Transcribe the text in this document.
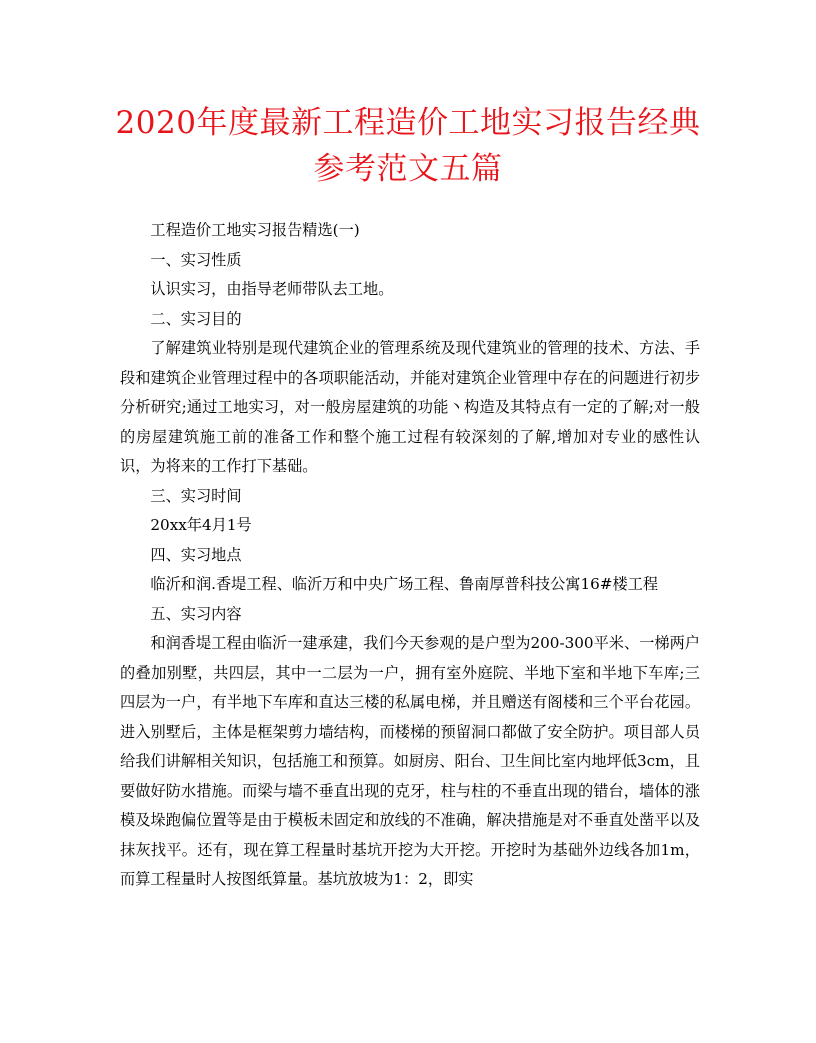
2020年度最新工程造价工地实习报告经典参考范文五篇

工程造价工地实习报告精选(一)

一、实习性质

认识实习，由指导老师带队去工地。

二、实习目的

了解建筑业特别是现代建筑企业的管理系统及现代建筑业的管理的技术、方法、手段和建筑企业管理过程中的各项职能活动，并能对建筑企业管理中存在的问题进行初步分析研究;通过工地实习，对一般房屋建筑的功能丶构造及其特点有一定的了解;对一般的房屋建筑施工前的准备工作和整个施工过程有较深刻的了解,增加对专业的感性认识，为将来的工作打下基础。

三、实习时间

20xx年4月1号

四、实习地点

临沂和润.香堤工程、临沂万和中央广场工程、鲁南厚普科技公寓16#楼工程

五、实习内容

和润香堤工程由临沂一建承建，我们今天参观的是户型为200-300平米、一梯两户的叠加别墅，共四层，其中一二层为一户，拥有室外庭院、半地下室和半地下车库;三四层为一户，有半地下车库和直达三楼的私属电梯，并且赠送有阁楼和三个平台花园。进入别墅后，主体是框架剪力墙结构，而楼梯的预留洞口都做了安全防护。项目部人员给我们讲解相关知识，包括施工和预算。如厨房、阳台、卫生间比室内地坪低3cm，且要做好防水措施。而梁与墙不垂直出现的克牙，柱与柱的不垂直出现的错台，墙体的涨模及垛跑偏位置等是由于模板未固定和放线的不准确，解决措施是对不垂直处凿平以及抹灰找平。还有，现在算工程量时基坑开挖为大开挖。开挖时为基础外边线各加1m，而算工程量时人按图纸算量。基坑放坡为1：2，即实
